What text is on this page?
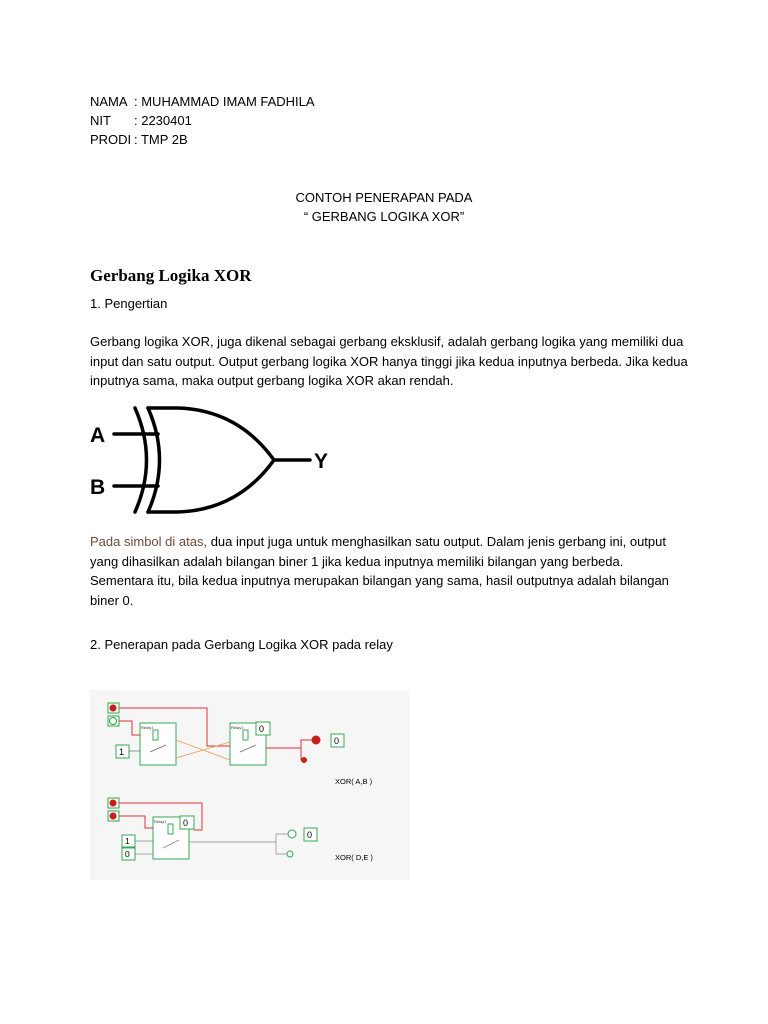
NAMA : MUHAMMAD IMAM FADHILA
NIT : 2230401
PRODI : TMP 2B
CONTOH PENERAPAN PADA
“ GERBANG LOGIKA XOR”
Gerbang Logika XOR
1. Pengertian
Gerbang logika XOR, juga dikenal sebagai gerbang eksklusif, adalah gerbang logika yang memiliki dua input dan satu output. Output gerbang logika XOR hanya tinggi jika kedua inputnya berbeda. Jika kedua inputnya sama, maka output gerbang logika XOR akan rendah.
A
B
Y
Pada simbol di atas, dua input juga untuk menghasilkan satu output. Dalam jenis gerbang ini, output yang dihasilkan adalah bilangan biner 1 jika kedua inputnya memiliki bilangan yang berbeda. Sementara itu, bila kedua inputnya merupakan bilangan yang sama, hasil outputnya adalah bilangan biner 0.
2. Penerapan pada Gerbang Logika XOR pada relay
Relay1	Relay1
1
0
0
XOR( A,B )
Relay1
1
0
0
0
XOR( D,E )
